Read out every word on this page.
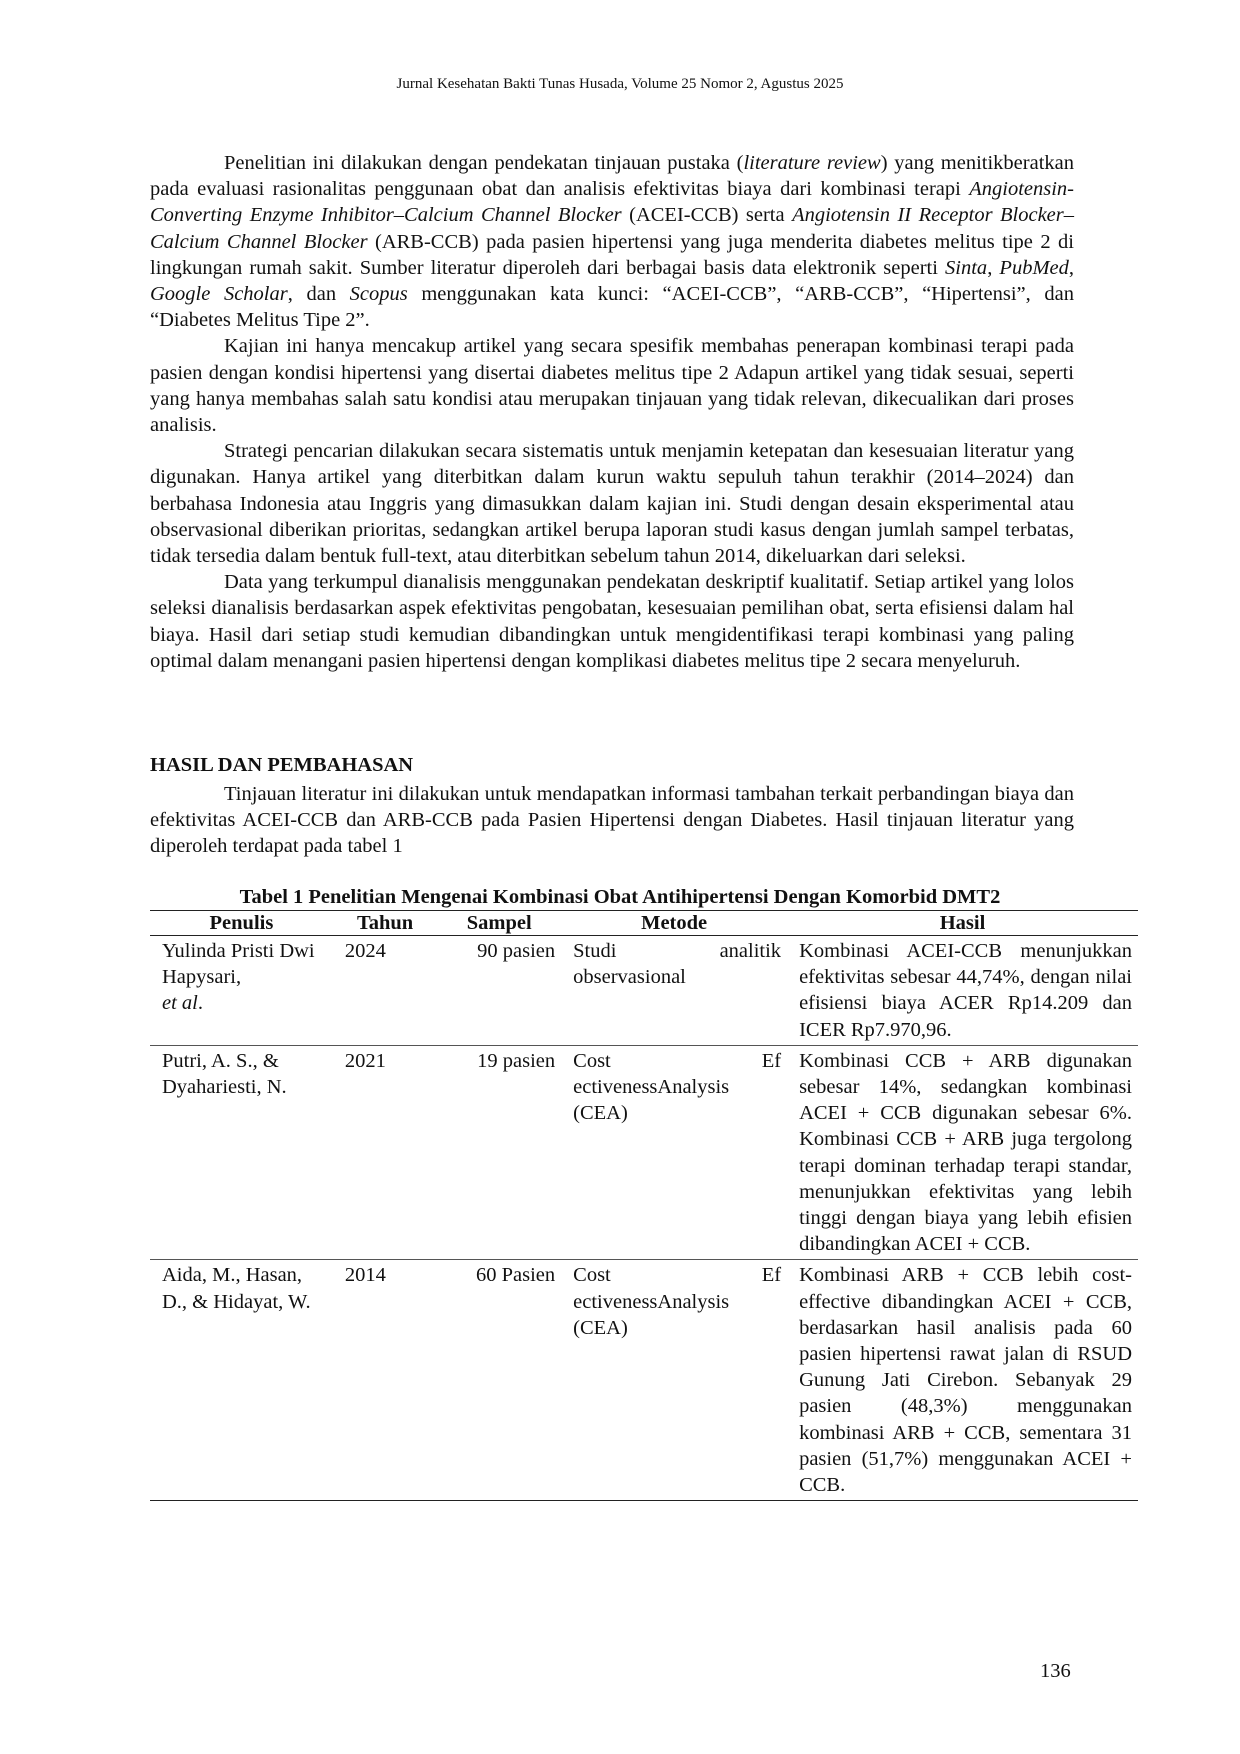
Jurnal Kesehatan Bakti Tunas Husada, Volume 25 Nomor 2, Agustus 2025

Penelitian ini dilakukan dengan pendekatan tinjauan pustaka (literature review) yang menitikberatkan pada evaluasi rasionalitas penggunaan obat dan analisis efektivitas biaya dari kombinasi terapi Angiotensin-Converting Enzyme Inhibitor–Calcium Channel Blocker (ACEI-CCB) serta Angiotensin II Receptor Blocker–Calcium Channel Blocker (ARB-CCB) pada pasien hipertensi yang juga menderita diabetes melitus tipe 2 di lingkungan rumah sakit. Sumber literatur diperoleh dari berbagai basis data elektronik seperti Sinta, PubMed, Google Scholar, dan Scopus menggunakan kata kunci: “ACEI-CCB”, “ARB-CCB”, “Hipertensi”, dan “Diabetes Melitus Tipe 2”.

Kajian ini hanya mencakup artikel yang secara spesifik membahas penerapan kombinasi terapi pada pasien dengan kondisi hipertensi yang disertai diabetes melitus tipe 2 Adapun artikel yang tidak sesuai, seperti yang hanya membahas salah satu kondisi atau merupakan tinjauan yang tidak relevan, dikecualikan dari proses analisis.

Strategi pencarian dilakukan secara sistematis untuk menjamin ketepatan dan kesesuaian literatur yang digunakan. Hanya artikel yang diterbitkan dalam kurun waktu sepuluh tahun terakhir (2014–2024) dan berbahasa Indonesia atau Inggris yang dimasukkan dalam kajian ini. Studi dengan desain eksperimental atau observasional diberikan prioritas, sedangkan artikel berupa laporan studi kasus dengan jumlah sampel terbatas, tidak tersedia dalam bentuk full-text, atau diterbitkan sebelum tahun 2014, dikeluarkan dari seleksi.

Data yang terkumpul dianalisis menggunakan pendekatan deskriptif kualitatif. Setiap artikel yang lolos seleksi dianalisis berdasarkan aspek efektivitas pengobatan, kesesuaian pemilihan obat, serta efisiensi dalam hal biaya. Hasil dari setiap studi kemudian dibandingkan untuk mengidentifikasi terapi kombinasi yang paling optimal dalam menangani pasien hipertensi dengan komplikasi diabetes melitus tipe 2 secara menyeluruh.

HASIL DAN PEMBAHASAN

Tinjauan literatur ini dilakukan untuk mendapatkan informasi tambahan terkait perbandingan biaya dan efektivitas ACEI-CCB dan ARB-CCB pada Pasien Hipertensi dengan Diabetes. Hasil tinjauan literatur yang diperoleh terdapat pada tabel 1

Tabel 1 Penelitian Mengenai Kombinasi Obat Antihipertensi Dengan Komorbid DMT2
Penulis	Tahun	Sampel	Metode	Hasil
Yulinda Pristi Dwi Hapysari,
et al.	2024	90 pasien	Studi analitik observasional	Kombinasi ACEI-CCB menunjukkan efektivitas sebesar 44,74%, dengan nilai efisiensi biaya ACER Rp14.209 dan ICER Rp7.970,96.
Putri, A. S., & Dyahariesti, N.	2021	19 pasien	Cost Ef ectivenessAnalysis (CEA)	Kombinasi CCB + ARB digunakan sebesar 14%, sedangkan kombinasi ACEI + CCB digunakan sebesar 6%. Kombinasi CCB + ARB juga tergolong terapi dominan terhadap terapi standar, menunjukkan efektivitas yang lebih tinggi dengan biaya yang lebih efisien dibandingkan ACEI + CCB.
Aida, M., Hasan, D., & Hidayat, W.	2014	60 Pasien	Cost Ef ectivenessAnalysis (CEA)	Kombinasi ARB + CCB lebih cost-effective dibandingkan ACEI + CCB, berdasarkan hasil analisis pada 60 pasien hipertensi rawat jalan di RSUD Gunung Jati Cirebon. Sebanyak 29 pasien (48,3%) menggunakan kombinasi ARB + CCB, sementara 31 pasien (51,7%) menggunakan ACEI + CCB.
136
